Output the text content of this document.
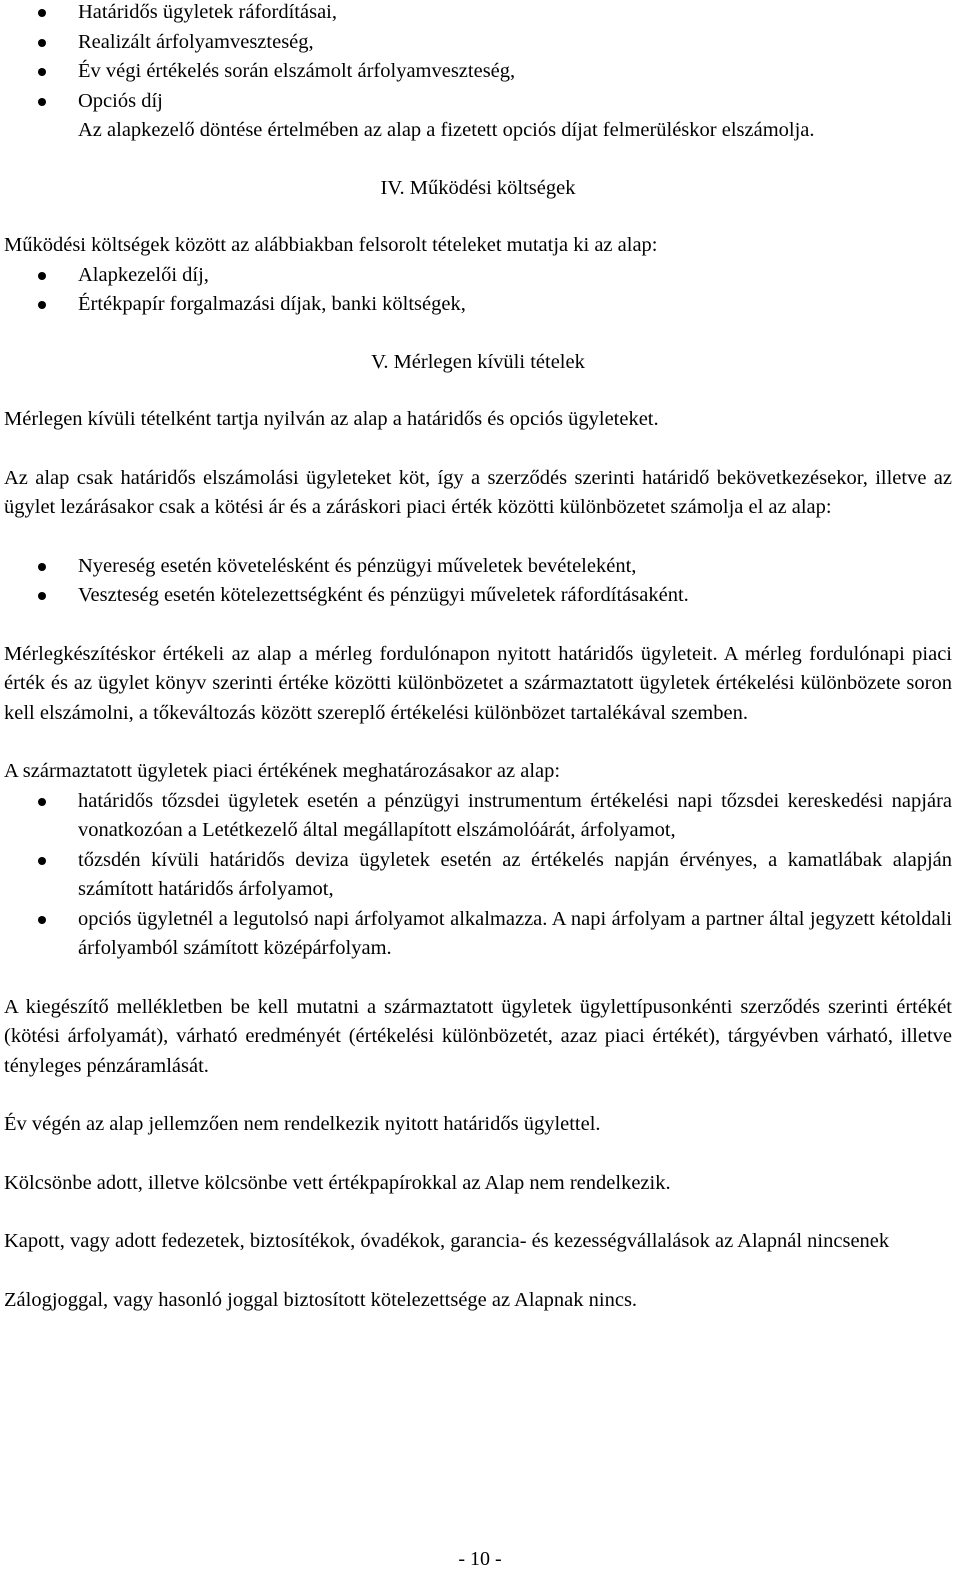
Határidős ügyletek ráfordításai,
Realizált árfolyamveszteség,
Év végi értékelés során elszámolt árfolyamveszteség,
Opciós díj
Az alapkezelő döntése értelmében az alap a fizetett opciós díjat felmerüléskor elszámolja.

IV. Működési költségek

Működési költségek között az alábbiakban felsorolt tételeket mutatja ki az alap:

Alapkezelői díj,
Értékpapír forgalmazási díjak, banki költségek,

V. Mérlegen kívüli tételek

Mérlegen kívüli tételként tartja nyilván az alap a határidős és opciós ügyleteket.

Az alap csak határidős elszámolási ügyleteket köt, így a szerződés szerinti határidő bekövetkezésekor, illetve az ügylet lezárásakor csak a kötési ár és a záráskori piaci érték közötti különbözetet számolja el az alap:

Nyereség esetén követelésként és pénzügyi műveletek bevételeként,
Veszteség esetén kötelezettségként és pénzügyi műveletek ráfordításaként.

Mérlegkészítéskor értékeli az alap a mérleg fordulónapon nyitott határidős ügyleteit. A mérleg fordulónapi piaci érték és az ügylet könyv szerinti értéke közötti különbözetet a származtatott ügyletek értékelési különbözete soron kell elszámolni, a tőkeváltozás között szereplő értékelési különbözet tartalékával szemben.

A származtatott ügyletek piaci értékének meghatározásakor az alap:

határidős tőzsdei ügyletek esetén a pénzügyi instrumentum értékelési napi tőzsdei kereskedési napjára vonatkozóan a Letétkezelő által megállapított elszámolóárát, árfolyamot,
tőzsdén kívüli határidős deviza ügyletek esetén az értékelés napján érvényes, a kamatlábak alapján számított határidős árfolyamot,
opciós ügyletnél a legutolsó napi árfolyamot alkalmazza. A napi árfolyam a partner által jegyzett kétoldali árfolyamból számított középárfolyam.

A kiegészítő mellékletben be kell mutatni a származtatott ügyletek ügylettípusonkénti szerződés szerinti értékét (kötési árfolyamát), várható eredményét (értékelési különbözetét, azaz piaci értékét), tárgyévben várható, illetve tényleges pénzáramlását.

Év végén az alap jellemzően nem rendelkezik nyitott határidős ügylettel.

Kölcsönbe adott, illetve kölcsönbe vett értékpapírokkal az Alap nem rendelkezik.

Kapott, vagy adott fedezetek, biztosítékok, óvadékok, garancia- és kezességvállalások az Alapnál nincsenek

Zálogjoggal, vagy hasonló joggal biztosított kötelezettsége az Alapnak nincs.

- 10 -
